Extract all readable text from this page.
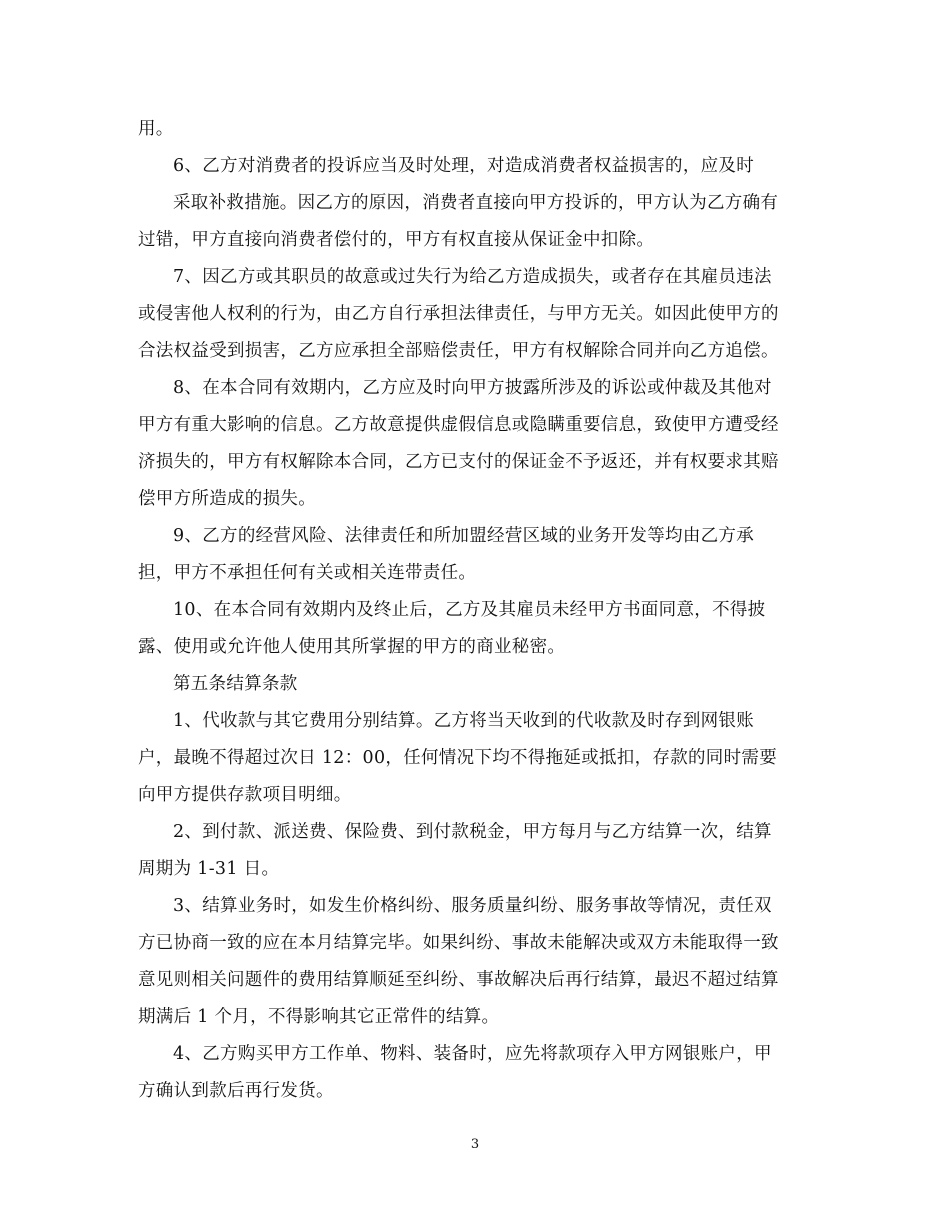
用。
6、乙方对消费者的投诉应当及时处理，对造成消费者权益损害的，应及时
采取补救措施。因乙方的原因，消费者直接向甲方投诉的，甲方认为乙方确有
过错，甲方直接向消费者偿付的，甲方有权直接从保证金中扣除。
7、因乙方或其职员的故意或过失行为给乙方造成损失，或者存在其雇员违法
或侵害他人权利的行为，由乙方自行承担法律责任，与甲方无关。如因此使甲方的
合法权益受到损害，乙方应承担全部赔偿责任，甲方有权解除合同并向乙方追偿。
8、在本合同有效期内，乙方应及时向甲方披露所涉及的诉讼或仲裁及其他对
甲方有重大影响的信息。乙方故意提供虚假信息或隐瞒重要信息，致使甲方遭受经
济损失的，甲方有权解除本合同，乙方已支付的保证金不予返还，并有权要求其赔
偿甲方所造成的损失。
9、乙方的经营风险、法律责任和所加盟经营区域的业务开发等均由乙方承
担，甲方不承担任何有关或相关连带责任。
10、在本合同有效期内及终止后，乙方及其雇员未经甲方书面同意，不得披
露、使用或允许他人使用其所掌握的甲方的商业秘密。
第五条结算条款
1、代收款与其它费用分别结算。乙方将当天收到的代收款及时存到网银账
户，最晚不得超过次日 12：00，任何情况下均不得拖延或抵扣，存款的同时需要
向甲方提供存款项目明细。
2、到付款、派送费、保险费、到付款税金，甲方每月与乙方结算一次，结算
周期为 1-31 日。
3、结算业务时，如发生价格纠纷、服务质量纠纷、服务事故等情况，责任双
方已协商一致的应在本月结算完毕。如果纠纷、事故未能解决或双方未能取得一致
意见则相关问题件的费用结算顺延至纠纷、事故解决后再行结算，最迟不超过结算
期满后 1 个月，不得影响其它正常件的结算。
4、乙方购买甲方工作单、物料、装备时，应先将款项存入甲方网银账户，甲
方确认到款后再行发货。
3
